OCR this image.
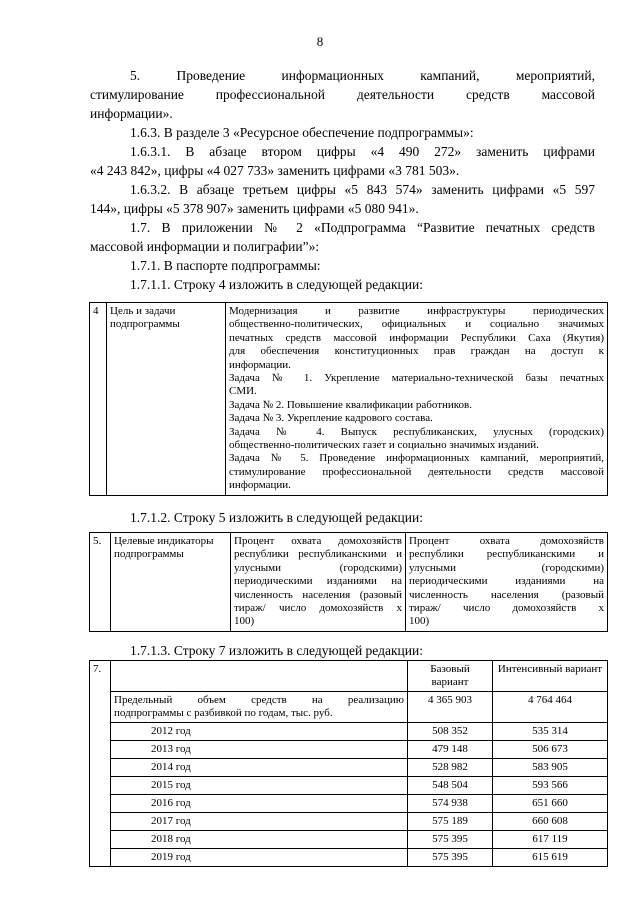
8
5. Проведение информационных кампаний, мероприятий,
стимулирование профессиональной деятельности средств массовой
информации».
1.6.3. В разделе 3 «Ресурсное обеспечение подпрограммы»:
1.6.3.1. В абзаце втором цифры «4 490 272» заменить цифрами
«4 243 842», цифры «4 027 733» заменить цифрами «3 781 503».
1.6.3.2. В абзаце третьем цифры «5 843 574» заменить цифрами «5 597
144», цифры «5 378 907» заменить цифрами «5 080 941».
1.7. В приложении № 2 «Подпрограмма “Развитие печатных средств
массовой информации и полиграфии”»:
1.7.1. В паспорте подпрограммы:
1.7.1.1. Строку 4 изложить в следующей редакции:
4	Цель и задачи подпрограммы	
Модернизация и развитие инфраструктуры периодических
общественно-политических, официальных и социально значимых
печатных средств массовой информации Республики Саха (Якутия)
для обеспечения конституционных прав граждан на доступ к
информации.
Задача № 1. Укрепление материально-технической базы печатных
СМИ.
Задача № 2. Повышение квалификации работников.
Задача № 3. Укрепление кадрового состава.
Задача № 4. Выпуск республиканских, улусных (городских)
общественно-политических газет и социально значимых изданий.
Задача № 5. Проведение информационных кампаний, мероприятий,
стимулирование профессиональной деятельности средств массовой
информации.
1.7.1.2. Строку 5 изложить в следующей редакции:
5.	Целевые индикаторы подпрограммы	
Процент охвата домохозяйств
республики республиканскими и
улусными (городскими)
периодическими изданиями на
численность населения (разовый
тираж/ число домохозяйств х
100)

Процент охвата домохозяйств
республики республиканскими и
улусными (городскими)
периодическими изданиями на
численность населения (разовый
тираж/ число домохозяйств х
100)
1.7.1.3. Строку 7 изложить в следующей редакции:
7.		Базовый вариант	Интенсивный вариант

	Предельный объем средств на реализацию
подпрограммы с разбивкой по годам, тыс. руб.	4 365 903	4 764 464
	2012 год	508 352	535 314
	2013 год	479 148	506 673
	2014 год	528 982	583 905
	2015 год	548 504	593 566
	2016 год	574 938	651 660
	2017 год	575 189	660 608
	2018 год	575 395	617 119
	2019 год	575 395	615 619
